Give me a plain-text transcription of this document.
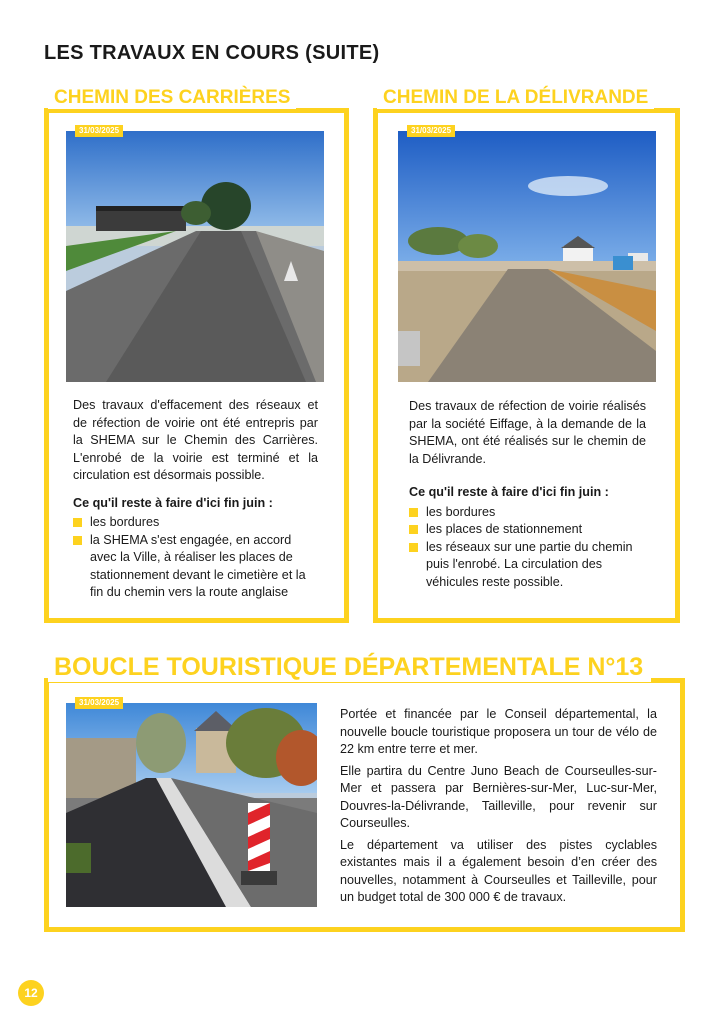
LES TRAVAUX EN COURS (SUITE)
CHEMIN DES CARRIÈRES
31/03/2025

Des travaux d'effacement des réseaux et de réfection de voirie ont été entrepris par la SHEMA sur le Chemin des Carrières. L'enrobé de la voirie est terminé et la circulation est désormais possible.

Ce qu'il reste à faire d'ici fin juin :

les bordures
la SHEMA s'est engagée, en accord avec la Ville, à réaliser les places de stationnement devant le cimetière et la fin du chemin vers la route anglaise
CHEMIN DE LA DÉLIVRANDE
31/03/2025

Des travaux de réfection de voirie réalisés par la société Eiffage, à la demande de la SHEMA, ont été réalisés sur le chemin de la Délivrande.

Ce qu'il reste à faire d'ici fin juin :

les bordures
les places de stationnement
les réseaux sur une partie du chemin puis l'enrobé. La circulation des véhicules reste possible.
BOUCLE TOURISTIQUE DÉPARTEMENTALE N°13
31/03/2025

Portée et financée par le Conseil départemental, la nouvelle boucle touristique proposera un tour de vélo de 22 km entre terre et mer.

Elle partira du Centre Juno Beach de Courseulles-sur-Mer et passera par Bernières-sur-Mer, Luc-sur-Mer, Douvres-la-Délivrande, Tailleville, pour revenir sur Courseulles.

Le département va utiliser des pistes cyclables existantes mais il a également besoin d’en créer des nouvelles, notamment à Courseulles et Tailleville, pour un budget total de 300 000 € de travaux.

12
